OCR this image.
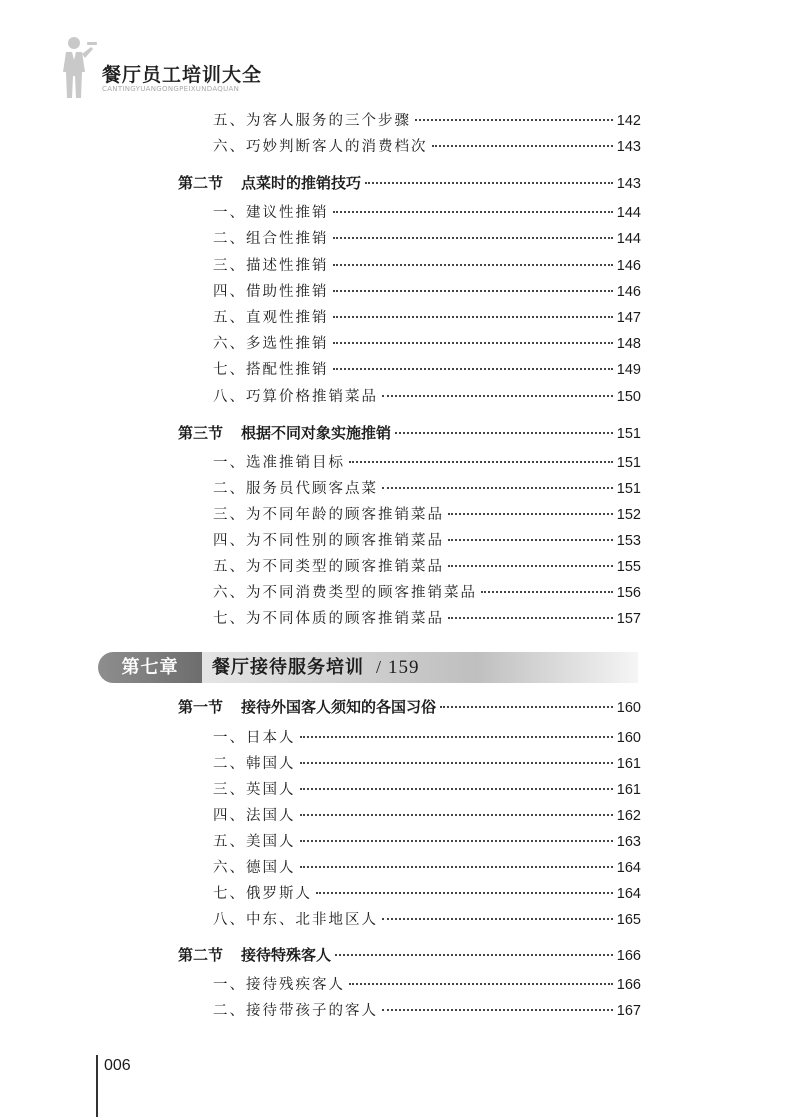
餐厅员工培训大全
CANTINGYUANGONGPEIXUNDAQUAN
五、为客人服务的三个步骤	142
六、巧妙判断客人的消费档次	143
第二节 点菜时的推销技巧	143
一、建议性推销	144
二、组合性推销	144
三、描述性推销	146
四、借助性推销	146
五、直观性推销	147
六、多选性推销	148
七、搭配性推销	149
八、巧算价格推销菜品	150
第三节 根据不同对象实施推销	151
一、选准推销目标	151
二、服务员代顾客点菜	151
三、为不同年龄的顾客推销菜品	152
四、为不同性别的顾客推销菜品	153
五、为不同类型的顾客推销菜品	155
六、为不同消费类型的顾客推销菜品	156
七、为不同体质的顾客推销菜品	157
第一节 接待外国客人须知的各国习俗	160
一、日本人	160
二、韩国人	161
三、英国人	161
四、法国人	162
五、美国人	163
六、德国人	164
七、俄罗斯人	164
八、中东、北非地区人	165
第二节 接待特殊客人	166
一、接待残疾客人	166
二、接待带孩子的客人	167
第七章	餐厅接待服务培训 / 159
006
